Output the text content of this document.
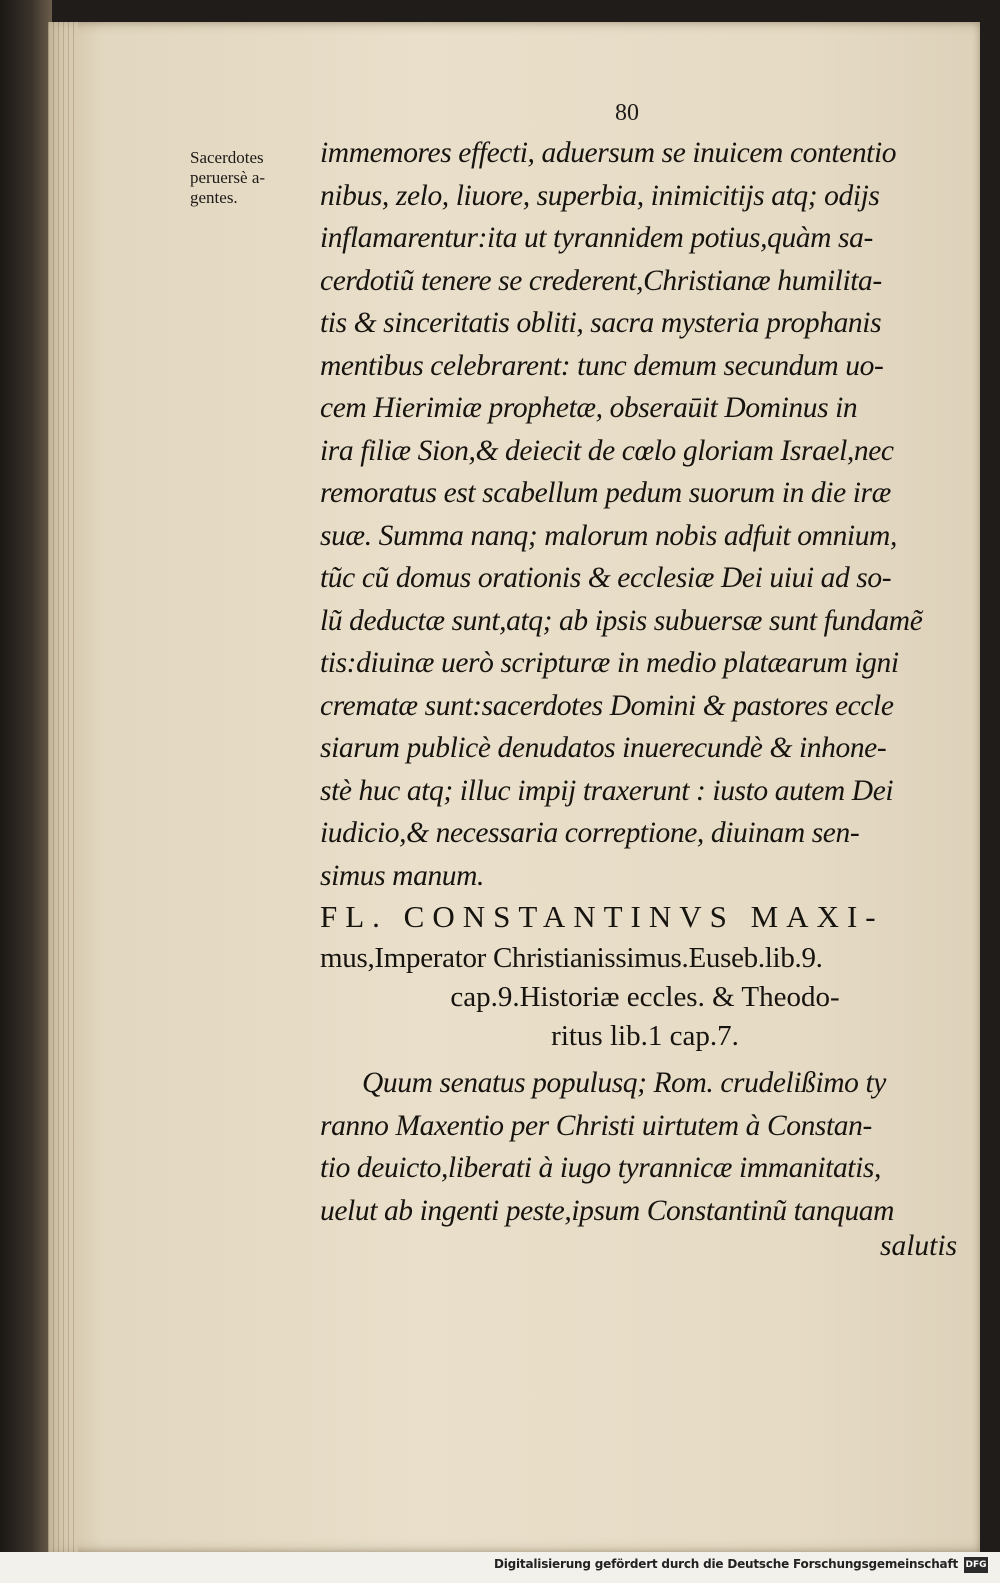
80
Sacerdotes
peruersè a-
gentes.
immemores effecti, aduersum se inuicem contentio
nibus, zelo, liuore, superbia, inimicitijs atq; odijs
inflamarentur:ita ut tyrannidem potius,quàm sa-
cerdotiũ tenere se crederent,Christianæ humilita-
tis & sinceritatis obliti, sacra mysteria prophanis
mentibus celebrarent: tunc demum secundum uo-
cem Hierimiæ prophetæ, obseraūit Dominus in
ira filiæ Sion,& deiecit de cœlo gloriam Israel,nec
remoratus est scabellum pedum suorum in die iræ
suæ. Summa nanq; malorum nobis adfuit omnium,
tũc cũ domus orationis & ecclesiæ Dei uiui ad so-
lũ deductæ sunt,atq; ab ipsis subuersæ sunt fundamẽ
tis:diuinæ uerò scripturæ in medio platæarum igni
crematæ sunt:sacerdotes Domini & pastores eccle
siarum publicè denudatos inuerecundè & inhone-
stè huc atq; illuc impij traxerunt : iusto autem Dei
iudicio,& necessaria correptione, diuinam sen-
simus manum.
FL. CONSTANTINVS MAXI-
mus,Imperator Christianissimus.Euseb.lib.9.
cap.9.Historiæ eccles. & Theodo-
ritus lib.1 cap.7.
Quum senatus populusq; Rom. crudelißimo ty
ranno Maxentio per Christi uirtutem à Constan-
tio deuicto,liberati à iugo tyrannicæ immanitatis,
uelut ab ingenti peste,ipsum Constantinũ tanquam
salutis
Digitalisierung gefördert durch die Deutsche Forschungsgemeinschaft DFG
